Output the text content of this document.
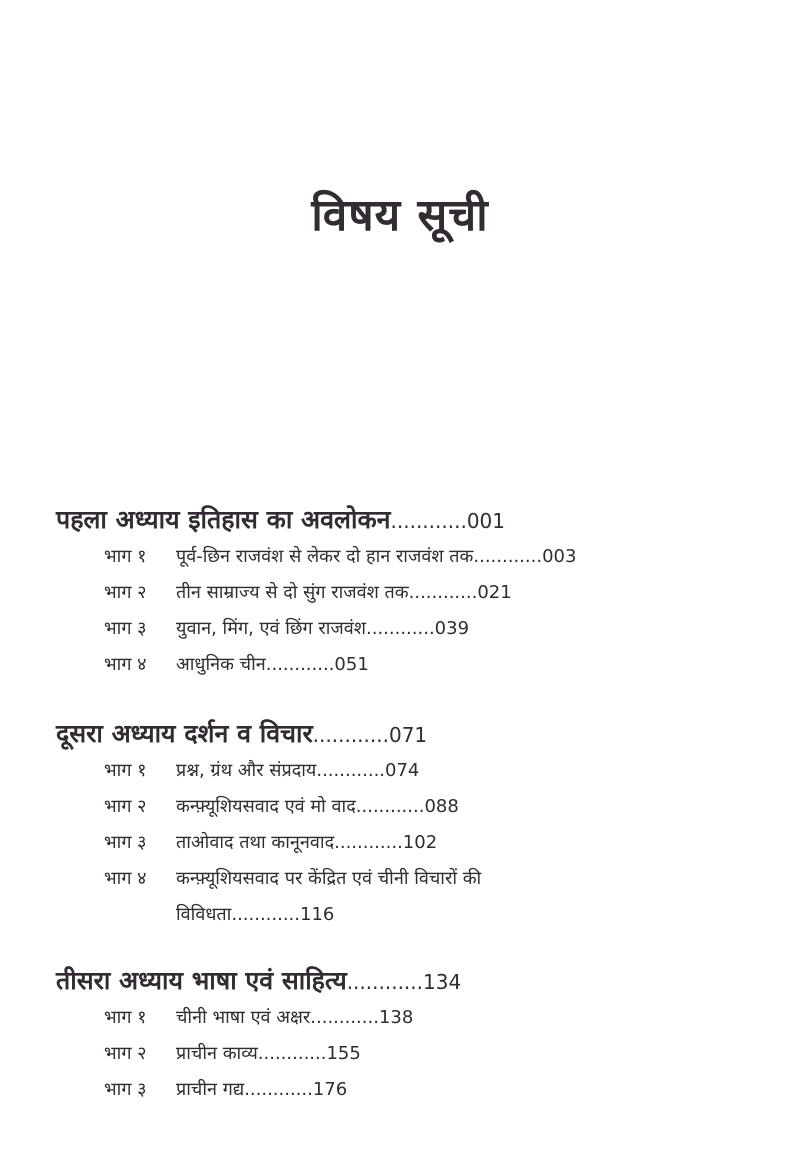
विषय सूची
पहला अध्याय इतिहास का अवलोकन............001
भाग १	पूर्व-छिन राजवंश से लेकर दो हान राजवंश तक............003
भाग २	तीन साम्राज्य से दो सुंग राजवंश तक............021
भाग ३	युवान, मिंग, एवं छिंग राजवंश............039
भाग ४	आधुनिक चीन............051
दूसरा अध्याय दर्शन व विचार............071
भाग १	प्रश्न, ग्रंथ और संप्रदाय............074
भाग २	कन्फ़्यूशियसवाद एवं मो वाद............088
भाग ३	ताओवाद तथा कानूनवाद............102
भाग ४	कन्फ़्यूशियसवाद पर केंद्रित एवं चीनी विचारों की विविधता............116
तीसरा अध्याय भाषा एवं साहित्य............134
भाग १	चीनी भाषा एवं अक्षर............138
भाग २	प्राचीन काव्य............155
भाग ३	प्राचीन गद्य............176
